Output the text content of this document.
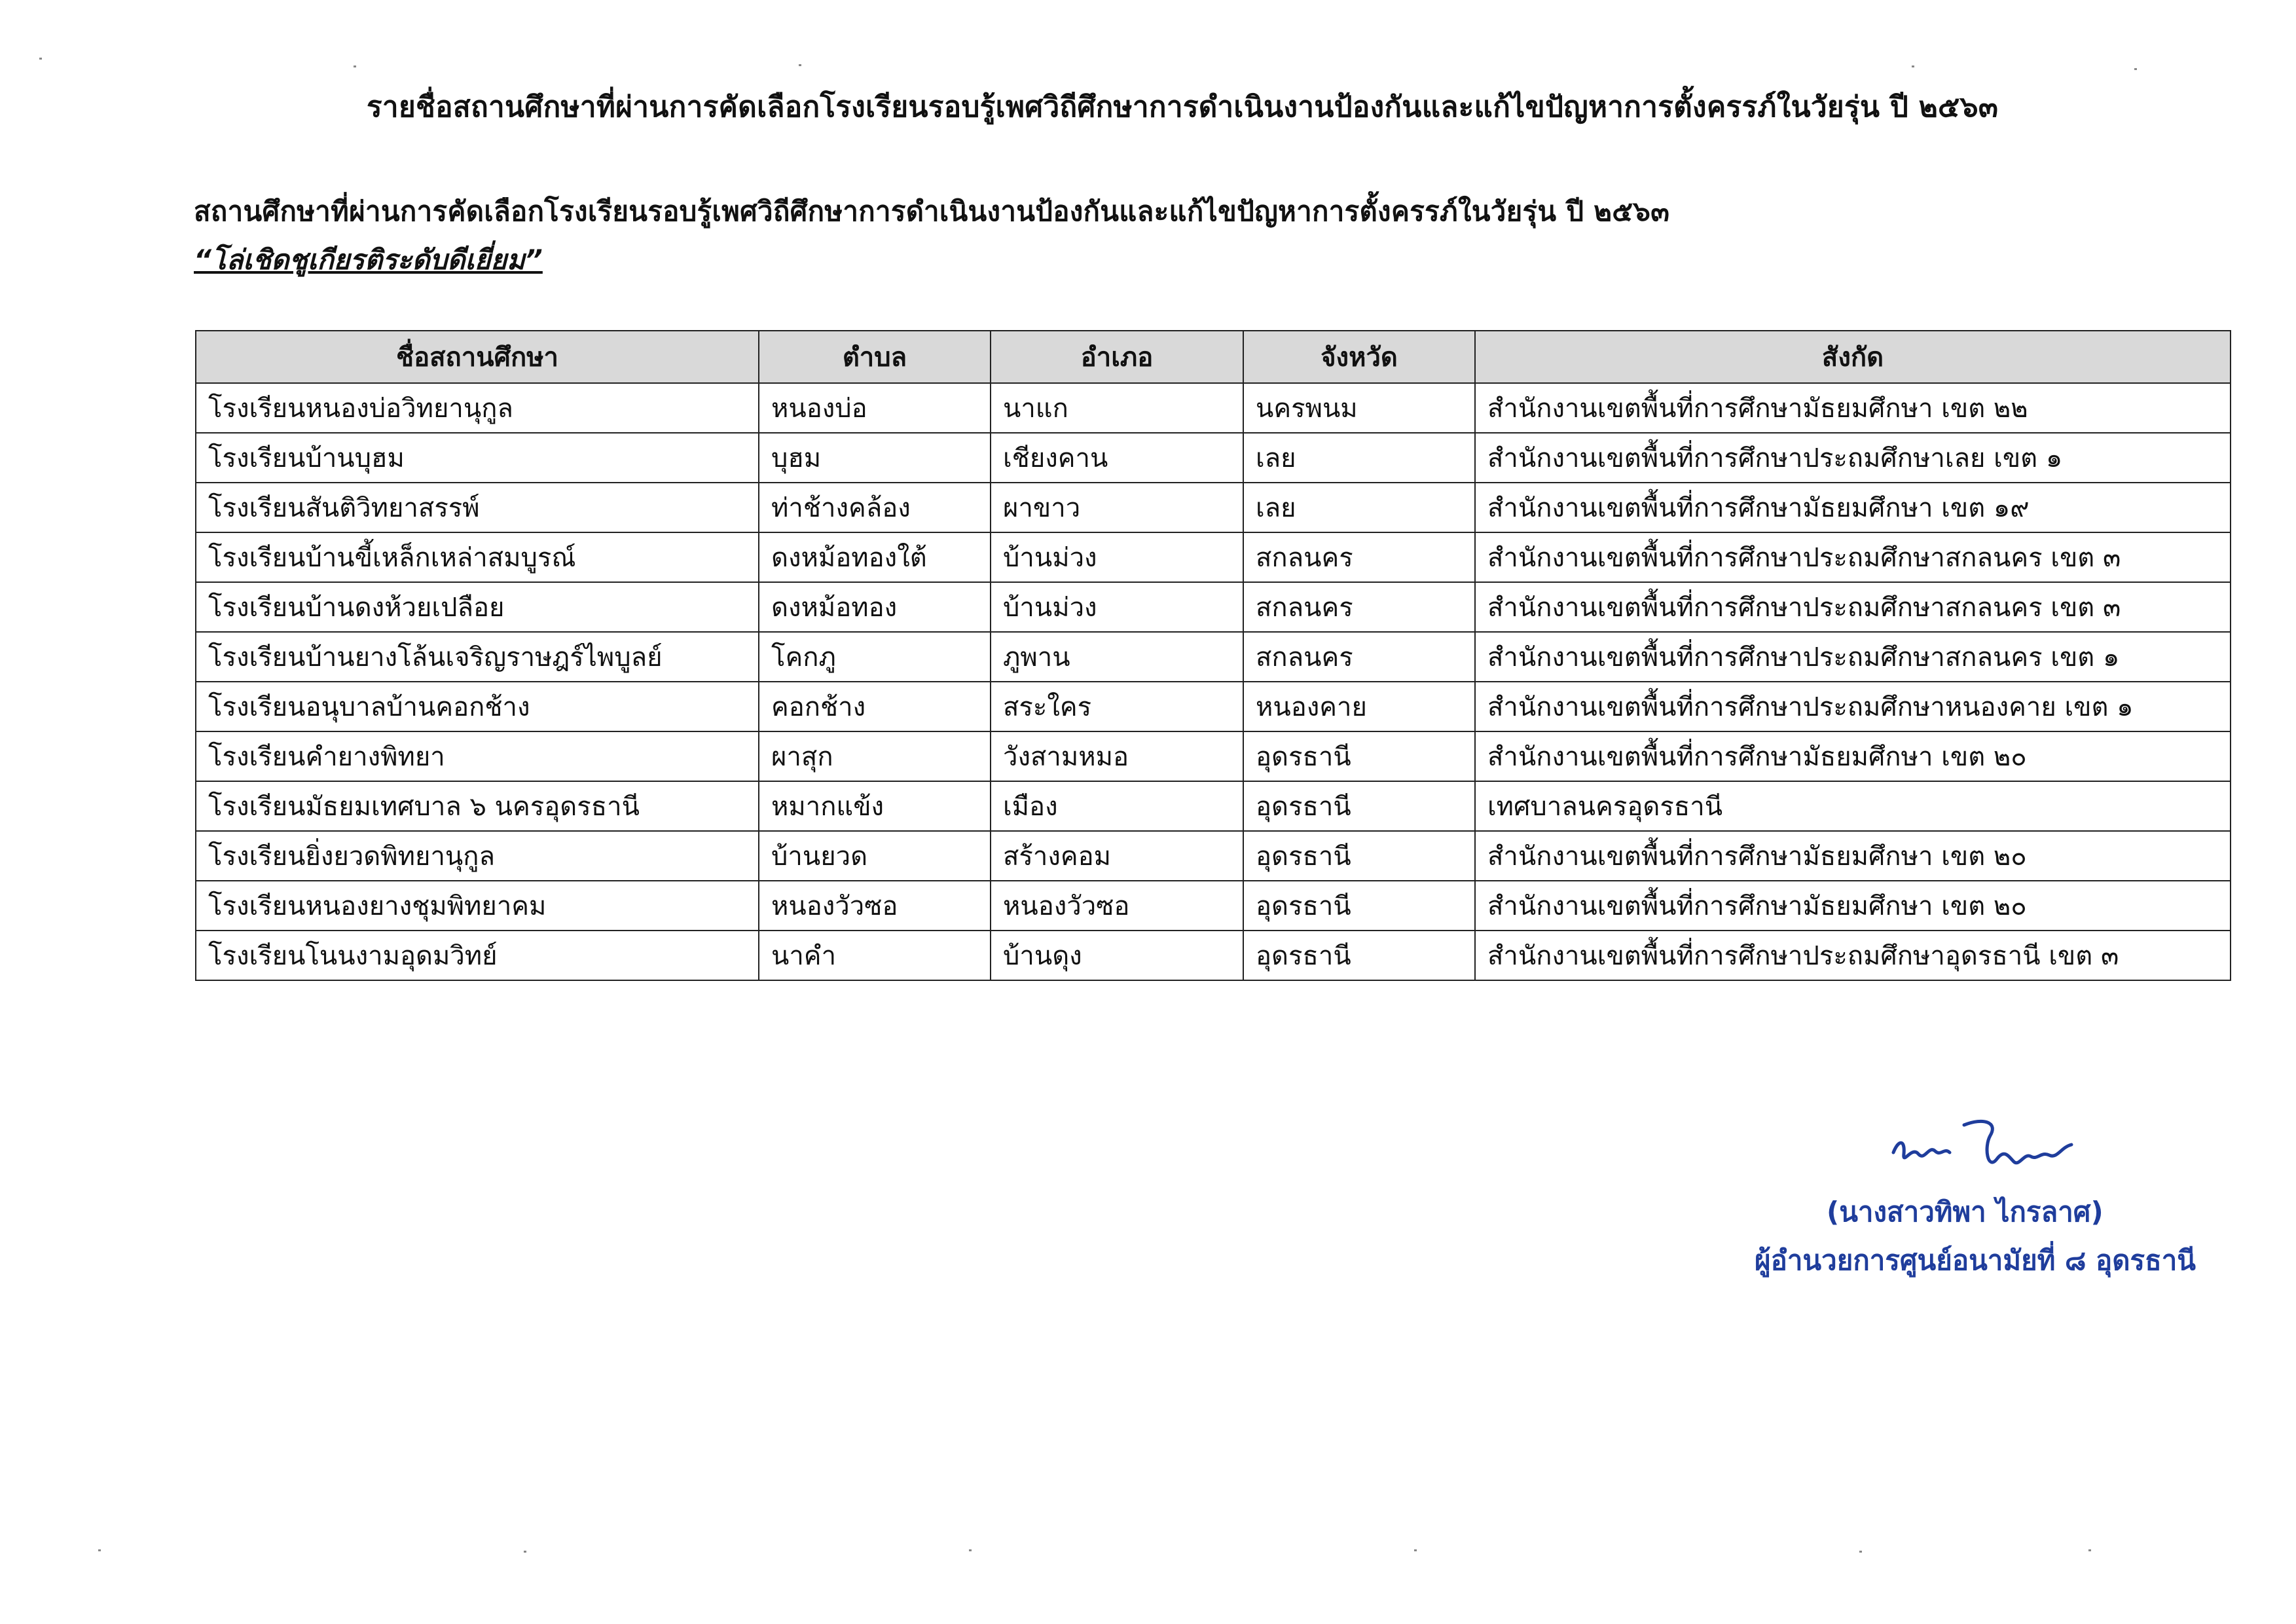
รายชื่อสถานศึกษาที่ผ่านการคัดเลือกโรงเรียนรอบรู้เพศวิถีศึกษาการดำเนินงานป้องกันและแก้ไขปัญหาการตั้งครรภ์ในวัยรุ่น ปี ๒๕๖๓
สถานศึกษาที่ผ่านการคัดเลือกโรงเรียนรอบรู้เพศวิถีศึกษาการดำเนินงานป้องกันและแก้ไขปัญหาการตั้งครรภ์ในวัยรุ่น ปี ๒๕๖๓
“โล่เชิดชูเกียรติระดับดีเยี่ยม”
ชื่อสถานศึกษา	ตำบล	อำเภอ	จังหวัด	สังกัด
โรงเรียนหนองบ่อวิทยานุกูล	หนองบ่อ	นาแก	นครพนม	สำนักงานเขตพื้นที่การศึกษามัธยมศึกษา เขต ๒๒
โรงเรียนบ้านบุฮม	บุฮม	เชียงคาน	เลย	สำนักงานเขตพื้นที่การศึกษาประถมศึกษาเลย เขต ๑
โรงเรียนสันติวิทยาสรรพ์	ท่าช้างคล้อง	ผาขาว	เลย	สำนักงานเขตพื้นที่การศึกษามัธยมศึกษา เขต ๑๙
โรงเรียนบ้านขี้เหล็กเหล่าสมบูรณ์	ดงหม้อทองใต้	บ้านม่วง	สกลนคร	สำนักงานเขตพื้นที่การศึกษาประถมศึกษาสกลนคร เขต ๓
โรงเรียนบ้านดงห้วยเปลือย	ดงหม้อทอง	บ้านม่วง	สกลนคร	สำนักงานเขตพื้นที่การศึกษาประถมศึกษาสกลนคร เขต ๓
โรงเรียนบ้านยางโล้นเจริญราษฎร์ไพบูลย์	โคกภู	ภูพาน	สกลนคร	สำนักงานเขตพื้นที่การศึกษาประถมศึกษาสกลนคร เขต ๑
โรงเรียนอนุบาลบ้านคอกช้าง	คอกช้าง	สระใคร	หนองคาย	สำนักงานเขตพื้นที่การศึกษาประถมศึกษาหนองคาย เขต ๑
โรงเรียนคำยางพิทยา	ผาสุก	วังสามหมอ	อุดรธานี	สำนักงานเขตพื้นที่การศึกษามัธยมศึกษา เขต ๒๐
โรงเรียนมัธยมเทศบาล ๖ นครอุดรธานี	หมากแข้ง	เมือง	อุดรธานี	เทศบาลนครอุดรธานี
โรงเรียนยิ่งยวดพิทยานุกูล	บ้านยวด	สร้างคอม	อุดรธานี	สำนักงานเขตพื้นที่การศึกษามัธยมศึกษา เขต ๒๐
โรงเรียนหนองยางชุมพิทยาคม	หนองวัวซอ	หนองวัวซอ	อุดรธานี	สำนักงานเขตพื้นที่การศึกษามัธยมศึกษา เขต ๒๐
โรงเรียนโนนงามอุดมวิทย์	นาคำ	บ้านดุง	อุดรธานี	สำนักงานเขตพื้นที่การศึกษาประถมศึกษาอุดรธานี เขต ๓
(นางสาวทิพา ไกรลาศ)
ผู้อำนวยการศูนย์อนามัยที่ ๘ อุดรธานี
